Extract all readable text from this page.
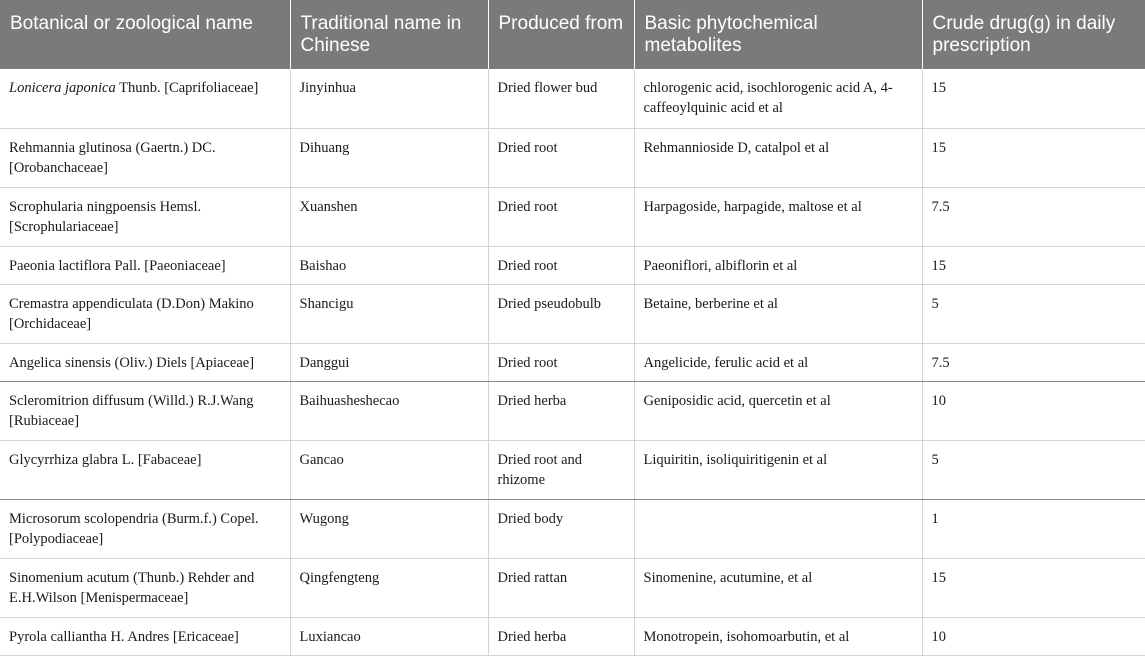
Botanical or zoological name	Traditional name in Chinese	Produced from	Basic phytochemical metabolites	Crude drug(g) in daily prescription
Lonicera japonica Thunb. [Caprifoliaceae]	Jinyinhua	Dried flower bud	chlorogenic acid, isochlorogenic acid A, 4-caffeoylquinic acid et al	15
Rehmannia glutinosa (Gaertn.) DC. [Orobanchaceae]	Dihuang	Dried root	Rehmannioside D, catalpol et al	15
Scrophularia ningpoensis Hemsl. [Scrophulariaceae]	Xuanshen	Dried root	Harpagoside, harpagide, maltose et al	7.5
Paeonia lactiflora Pall. [Paeoniaceae]	Baishao	Dried root	Paeoniflori, albiflorin et al	15
Cremastra appendiculata (D.Don) Makino [Orchidaceae]	Shancigu	Dried pseudobulb	Betaine, berberine et al	5
Angelica sinensis (Oliv.) Diels [Apiaceae]	Danggui	Dried root	Angelicide, ferulic acid et al	7.5
Scleromitrion diffusum (Willd.) R.J.Wang [Rubiaceae]	Baihuasheshecao	Dried herba	Geniposidic acid, quercetin et al	10
Glycyrrhiza glabra L. [Fabaceae]	Gancao	Dried root and rhizome	Liquiritin, isoliquiritigenin et al	5
Microsorum scolopendria (Burm.f.) Copel. [Polypodiaceae]	Wugong	Dried body		1
Sinomenium acutum (Thunb.) Rehder and E.H.Wilson [Menispermaceae]	Qingfengteng	Dried rattan	Sinomenine, acutumine, et al	15
Pyrola calliantha H. Andres [Ericaceae]	Luxiancao	Dried herba	Monotropein, isohomoarbutin, et al	10
